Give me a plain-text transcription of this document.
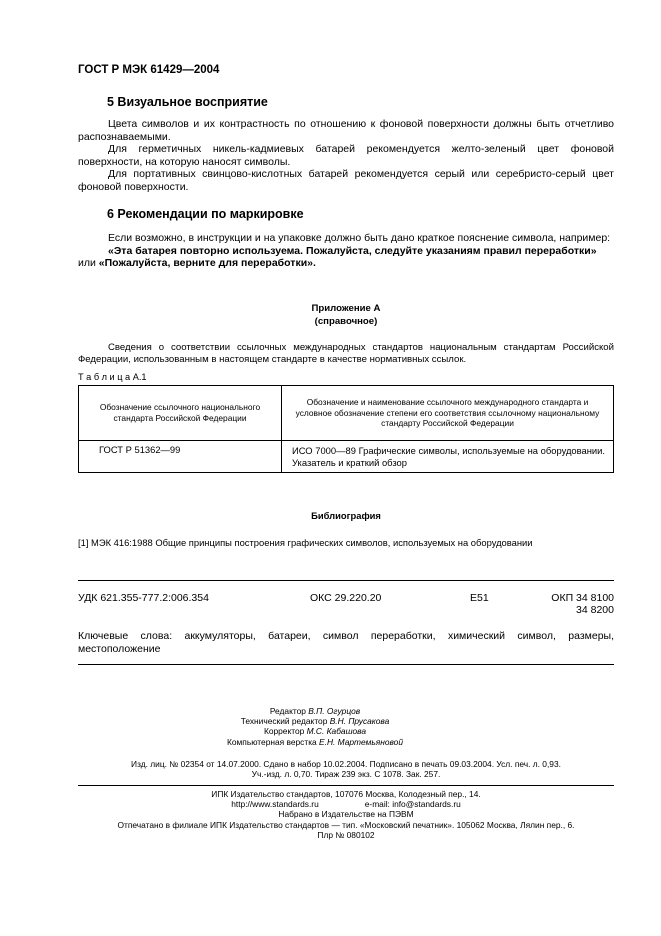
ГОСТ Р МЭК 61429—2004
5 Визуальное восприятие

Цвета символов и их контрастность по отношению к фоновой поверхности должны быть отчетливо распознаваемыми.

Для герметичных никель-кадмиевых батарей рекомендуется желто-зеленый цвет фоновой поверхности, на которую наносят символы.

Для портативных свинцово-кислотных батарей рекомендуется серый или серебристо-серый цвет фоновой поверхности.

6 Рекомендации по маркировке

Если возможно, в инструкции и на упаковке должно быть дано краткое пояснение символа, например:

«Эта батарея повторно используема. Пожалуйста, следуйте указаниям правил переработки»

или «Пожалуйста, верните для переработки».

Приложение А
(справочное)

Сведения о соответствии ссылочных международных стандартов национальным стандартам Российской Федерации, использованным в настоящем стандарте в качестве нормативных ссылок.

Т а б л и ц а А.1
Обозначение ссылочного национального стандарта Российской Федерации	Обозначение и наименование ссылочного международного стандарта и условное обозначение степени его соответствия ссылочному национальному стандарту Российской Федерации
ГОСТ Р 51362—99	ИСО 7000—89 Графические символы, используемые на оборудовании. Указатель и краткий обзор
Библиография
[1] МЭК 416:1988 Общие принципы построения графических символов, используемых на оборудовании
УДК 621.355-777.2:006.354	ОКС 29.220.20	Е51	ОКП 34 8100
34 8200

Ключевые слова: аккумуляторы, батареи, символ переработки, химический символ, размеры, местоположение

Редактор В.П. Огурцов
Технический редактор В.Н. Прусакова
Корректор М.С. Кабашова
Компьютерная верстка Е.Н. Мартемьяновой
Изд. лиц. № 02354 от 14.07.2000. Сдано в набор 10.02.2004. Подписано в печать 09.03.2004. Усл. печ. л. 0,93.
Уч.-изд. л. 0,70. Тираж 239 экз. С 1078. Зак. 257.
ИПК Издательство стандартов, 107076 Москва, Колодезный пер., 14.
http://www.standards.ru	e-mail: info@standards.ru
Набрано в Издательстве на ПЭВМ
Отпечатано в филиале ИПК Издательство стандартов — тип. «Московский печатник». 105062 Москва, Лялин пер., 6.
Плр № 080102
